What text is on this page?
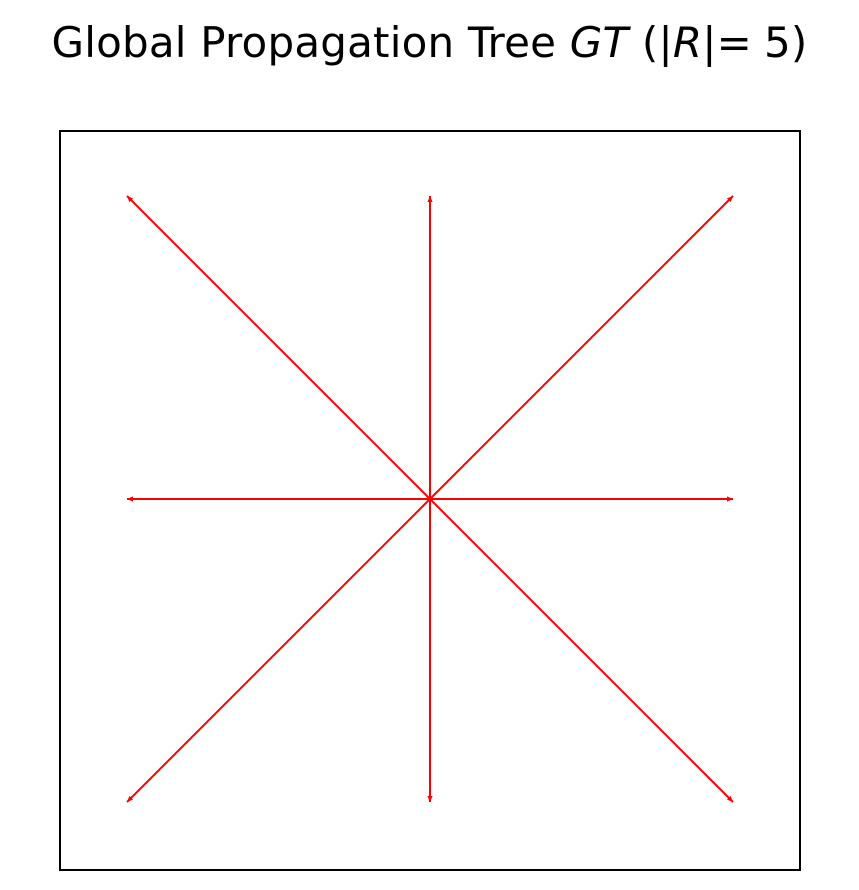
Global Propagation Tree GT (|R|= 5)
